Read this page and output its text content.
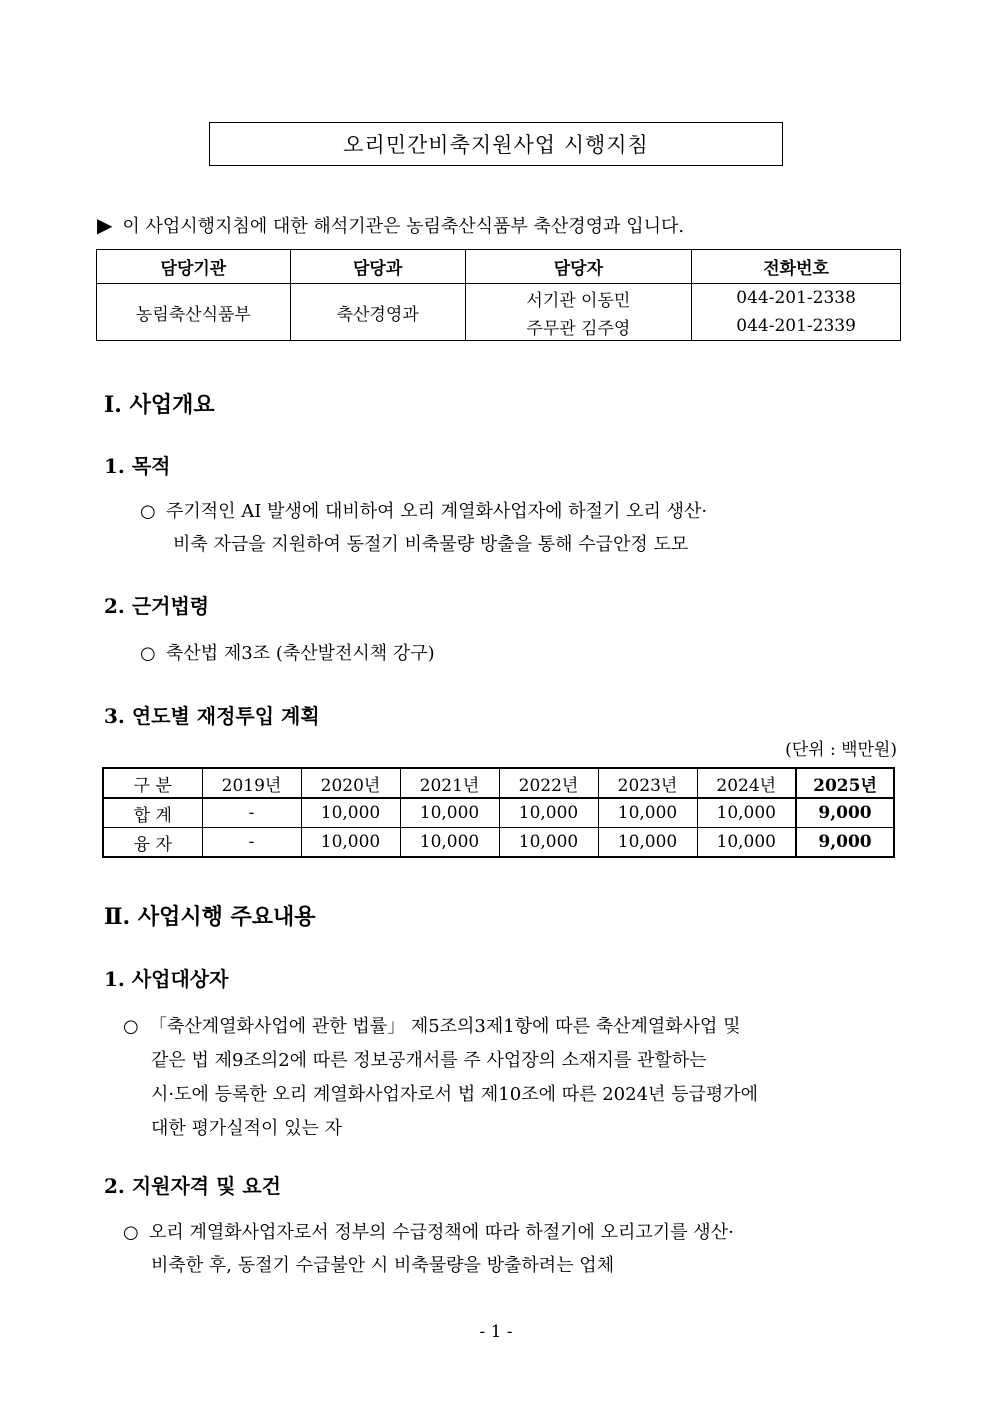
오리민간비축지원사업 시행지침
▶ 이 사업시행지침에 대한 해석기관은 농림축산식품부 축산경영과 입니다.
담당기관	담당과	담당자	전화번호
농림축산식품부	축산경영과	서기관 이동민	044-201-2338
		주무관 김주영	044-201-2339
Ⅰ. 사업개요
1. 목적
○ 주기적인 AI 발생에 대비하여 오리 계열화사업자에 하절기 오리 생산·
비축 자금을 지원하여 동절기 비축물량 방출을 통해 수급안정 도모
2. 근거법령
○ 축산법 제3조 (축산발전시책 강구)
3. 연도별 재정투입 계획
(단위 : 백만원)
구 분	2019년	2020년	2021년	2022년	2023년	2024년	2025년
합 계	-	10,000	10,000	10,000	10,000	10,000	9,000
융 자	-	10,000	10,000	10,000	10,000	10,000	9,000
Ⅱ. 사업시행 주요내용
1. 사업대상자
○ 「축산계열화사업에 관한 법률」 제5조의3제1항에 따른 축산계열화사업 및
같은 법 제9조의2에 따른 정보공개서를 주 사업장의 소재지를 관할하는
시·도에 등록한 오리 계열화사업자로서 법 제10조에 따른 2024년 등급평가에
대한 평가실적이 있는 자
2. 지원자격 및 요건
○ 오리 계열화사업자로서 정부의 수급정책에 따라 하절기에 오리고기를 생산·
비축한 후, 동절기 수급불안 시 비축물량을 방출하려는 업체
- 1 -
